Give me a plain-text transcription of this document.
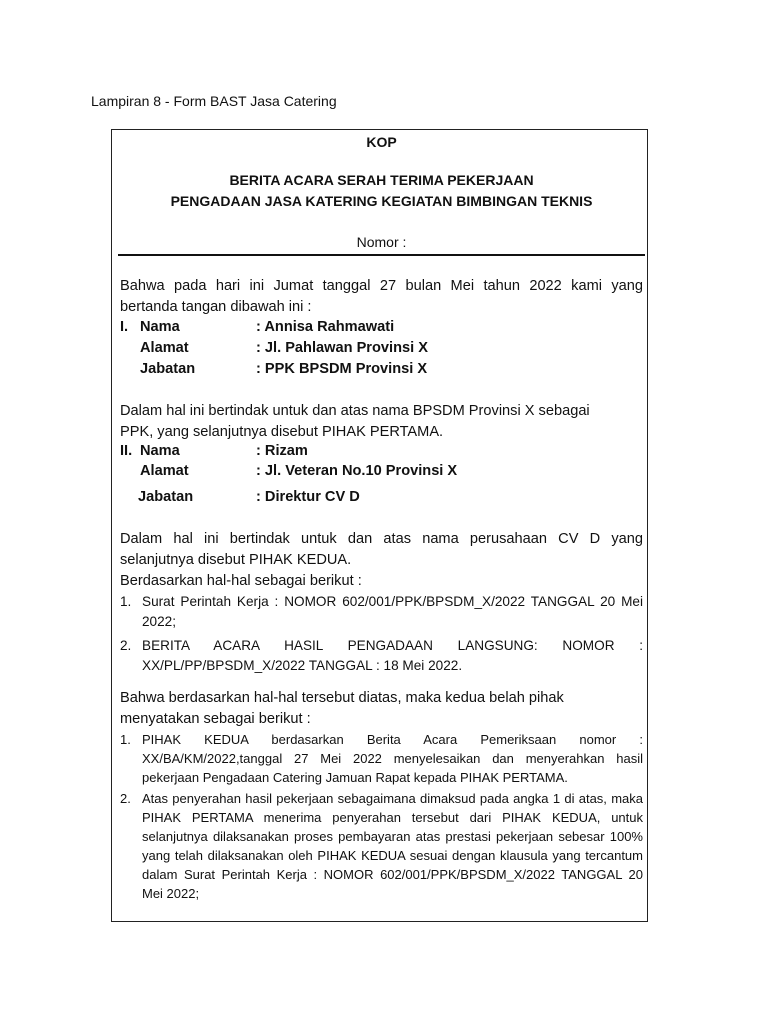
Lampiran 8 - Form BAST Jasa Catering
KOP
BERITA ACARA SERAH TERIMA PEKERJAAN
PENGADAAN JASA KATERING KEGIATAN BIMBINGAN TEKNIS
Nomor :
Bahwa pada hari ini Jumat tanggal 27 bulan Mei tahun 2022 kami yang
bertanda tangan dibawah ini :
I. Nama	: Annisa Rahmawati
Alamat	: Jl. Pahlawan Provinsi X
Jabatan	: PPK BPSDM Provinsi X
Dalam hal ini bertindak untuk dan atas nama BPSDM Provinsi X sebagai
PPK, yang selanjutnya disebut PIHAK PERTAMA.
II. Nama	: Rizam
Alamat	: Jl. Veteran No.10 Provinsi X
Jabatan	: Direktur CV D
Dalam hal ini bertindak untuk dan atas nama perusahaan CV D yang
selanjutnya disebut PIHAK KEDUA.
Berdasarkan hal-hal sebagai berikut :
1. Surat Perintah Kerja : NOMOR 602/001/PPK/BPSDM_X/2022 TANGGAL 20 Mei 2022;
2. BERITA ACARA HASIL PENGADAAN LANGSUNG: NOMOR : XX/PL/PP/BPSDM_X/2022 TANGGAL : 18 Mei 2022.
Bahwa berdasarkan hal-hal tersebut diatas, maka kedua belah pihak
menyatakan sebagai berikut :
1. PIHAK KEDUA berdasarkan Berita Acara Pemeriksaan nomor : XX/BA/KM/2022,tanggal 27 Mei 2022 menyelesaikan dan menyerahkan hasil pekerjaan Pengadaan Catering Jamuan Rapat kepada PIHAK PERTAMA.
2. Atas penyerahan hasil pekerjaan sebagaimana dimaksud pada angka 1 di atas, maka PIHAK PERTAMA menerima penyerahan tersebut dari PIHAK KEDUA, untuk selanjutnya dilaksanakan proses pembayaran atas prestasi pekerjaan sebesar 100% yang telah dilaksanakan oleh PIHAK KEDUA sesuai dengan klausula yang tercantum dalam Surat Perintah Kerja : NOMOR 602/001/PPK/BPSDM_X/2022 TANGGAL 20 Mei 2022;
